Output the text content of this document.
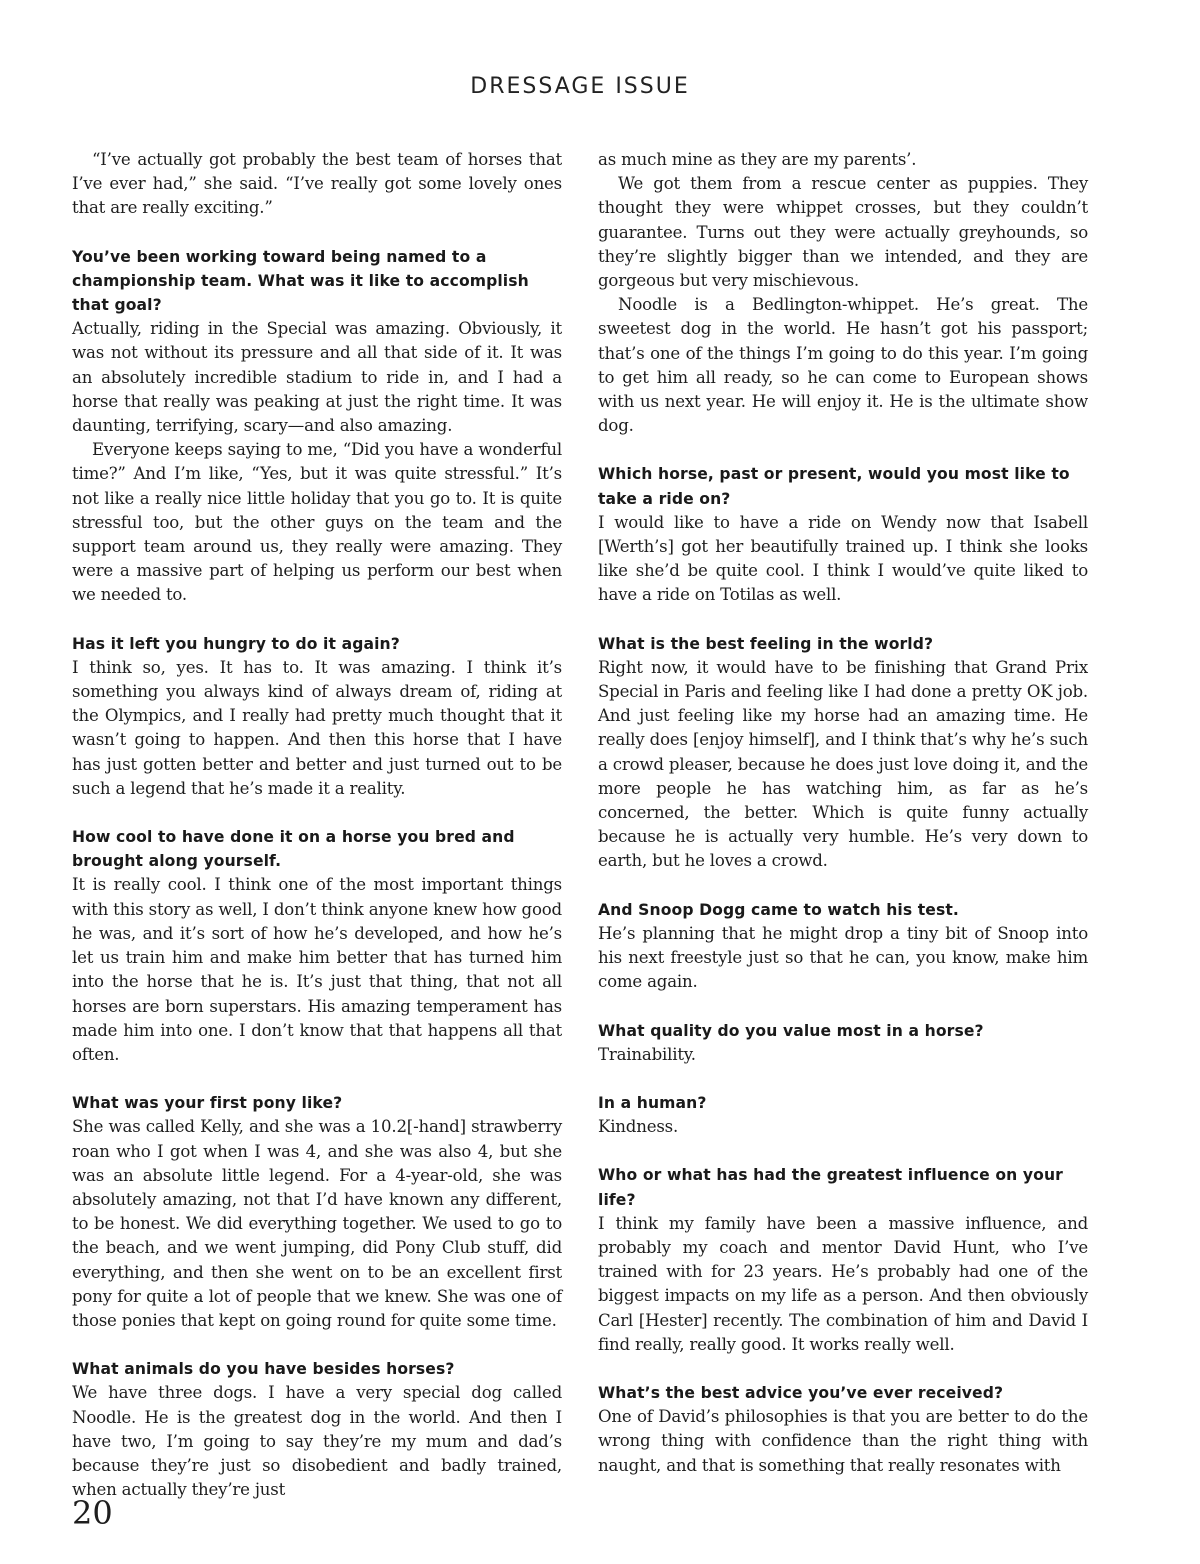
DRESSAGE ISSUE

“I’ve actually got probably the best team of horses that I’ve ever had,” she said. “I’ve really got some lovely ones that are really exciting.”

You’ve been working toward being named to a championship team. What was it like to accomplish that goal?

Actually, riding in the Special was amazing. Obviously, it was not without its pressure and all that side of it. It was an absolutely incredible stadium to ride in, and I had a horse that really was peaking at just the right time. It was daunting, terrifying, scary—and also amazing.

Everyone keeps saying to me, “Did you have a wonderful time?” And I’m like, “Yes, but it was quite stressful.” It’s not like a really nice little holiday that you go to. It is quite stressful too, but the other guys on the team and the support team around us, they really were amazing. They were a massive part of helping us perform our best when we needed to.

Has it left you hungry to do it again?

I think so, yes. It has to. It was amazing. I think it’s something you always kind of always dream of, riding at the Olympics, and I really had pretty much thought that it wasn’t going to happen. And then this horse that I have has just gotten better and better and just turned out to be such a legend that he’s made it a reality.

How cool to have done it on a horse you bred and brought along yourself.

It is really cool. I think one of the most important things with this story as well, I don’t think anyone knew how good he was, and it’s sort of how he’s developed, and how he’s let us train him and make him better that has turned him into the horse that he is. It’s just that thing, that not all horses are born superstars. His amazing temperament has made him into one. I don’t know that that happens all that often.

What was your first pony like?

She was called Kelly, and she was a 10.2[-hand] strawberry roan who I got when I was 4, and she was also 4, but she was an absolute little legend. For a 4-year-old, she was absolutely amazing, not that I’d have known any different, to be honest. We did everything together. We used to go to the beach, and we went jumping, did Pony Club stuff, did everything, and then she went on to be an excellent first pony for quite a lot of people that we knew. She was one of those ponies that kept on going round for quite some time.

What animals do you have besides horses?

We have three dogs. I have a very special dog called Noodle. He is the greatest dog in the world. And then I have two, I’m going to say they’re my mum and dad’s because they’re just so disobedient and badly trained, when actually they’re just

as much mine as they are my parents’.

We got them from a rescue center as puppies. They thought they were whippet crosses, but they couldn’t guarantee. Turns out they were actually greyhounds, so they’re slightly bigger than we intended, and they are gorgeous but very mischievous.

Noodle is a Bedlington-whippet. He’s great. The sweetest dog in the world. He hasn’t got his passport; that’s one of the things I’m going to do this year. I’m going to get him all ready, so he can come to European shows with us next year. He will enjoy it. He is the ultimate show dog.

Which horse, past or present, would you most like to take a ride on?

I would like to have a ride on Wendy now that Isabell [Werth’s] got her beautifully trained up. I think she looks like she’d be quite cool. I think I would’ve quite liked to have a ride on Totilas as well.

What is the best feeling in the world?

Right now, it would have to be finishing that Grand Prix Special in Paris and feeling like I had done a pretty OK job. And just feeling like my horse had an amazing time. He really does [enjoy himself], and I think that’s why he’s such a crowd pleaser, because he does just love doing it, and the more people he has watching him, as far as he’s concerned, the better. Which is quite funny actually because he is actually very humble. He’s very down to earth, but he loves a crowd.

And Snoop Dogg came to watch his test.

He’s planning that he might drop a tiny bit of Snoop into his next freestyle just so that he can, you know, make him come again.

What quality do you value most in a horse?

Trainability.

In a human?

Kindness.

Who or what has had the greatest influence on your life?

I think my family have been a massive influence, and probably my coach and mentor David Hunt, who I’ve trained with for 23 years. He’s probably had one of the biggest impacts on my life as a person. And then obviously Carl [Hester] recently. The combination of him and David I find really, really good. It works really well.

What’s the best advice you’ve ever received?

One of David’s philosophies is that you are better to do the wrong thing with confidence than the right thing with naught, and that is something that really resonates with

20
